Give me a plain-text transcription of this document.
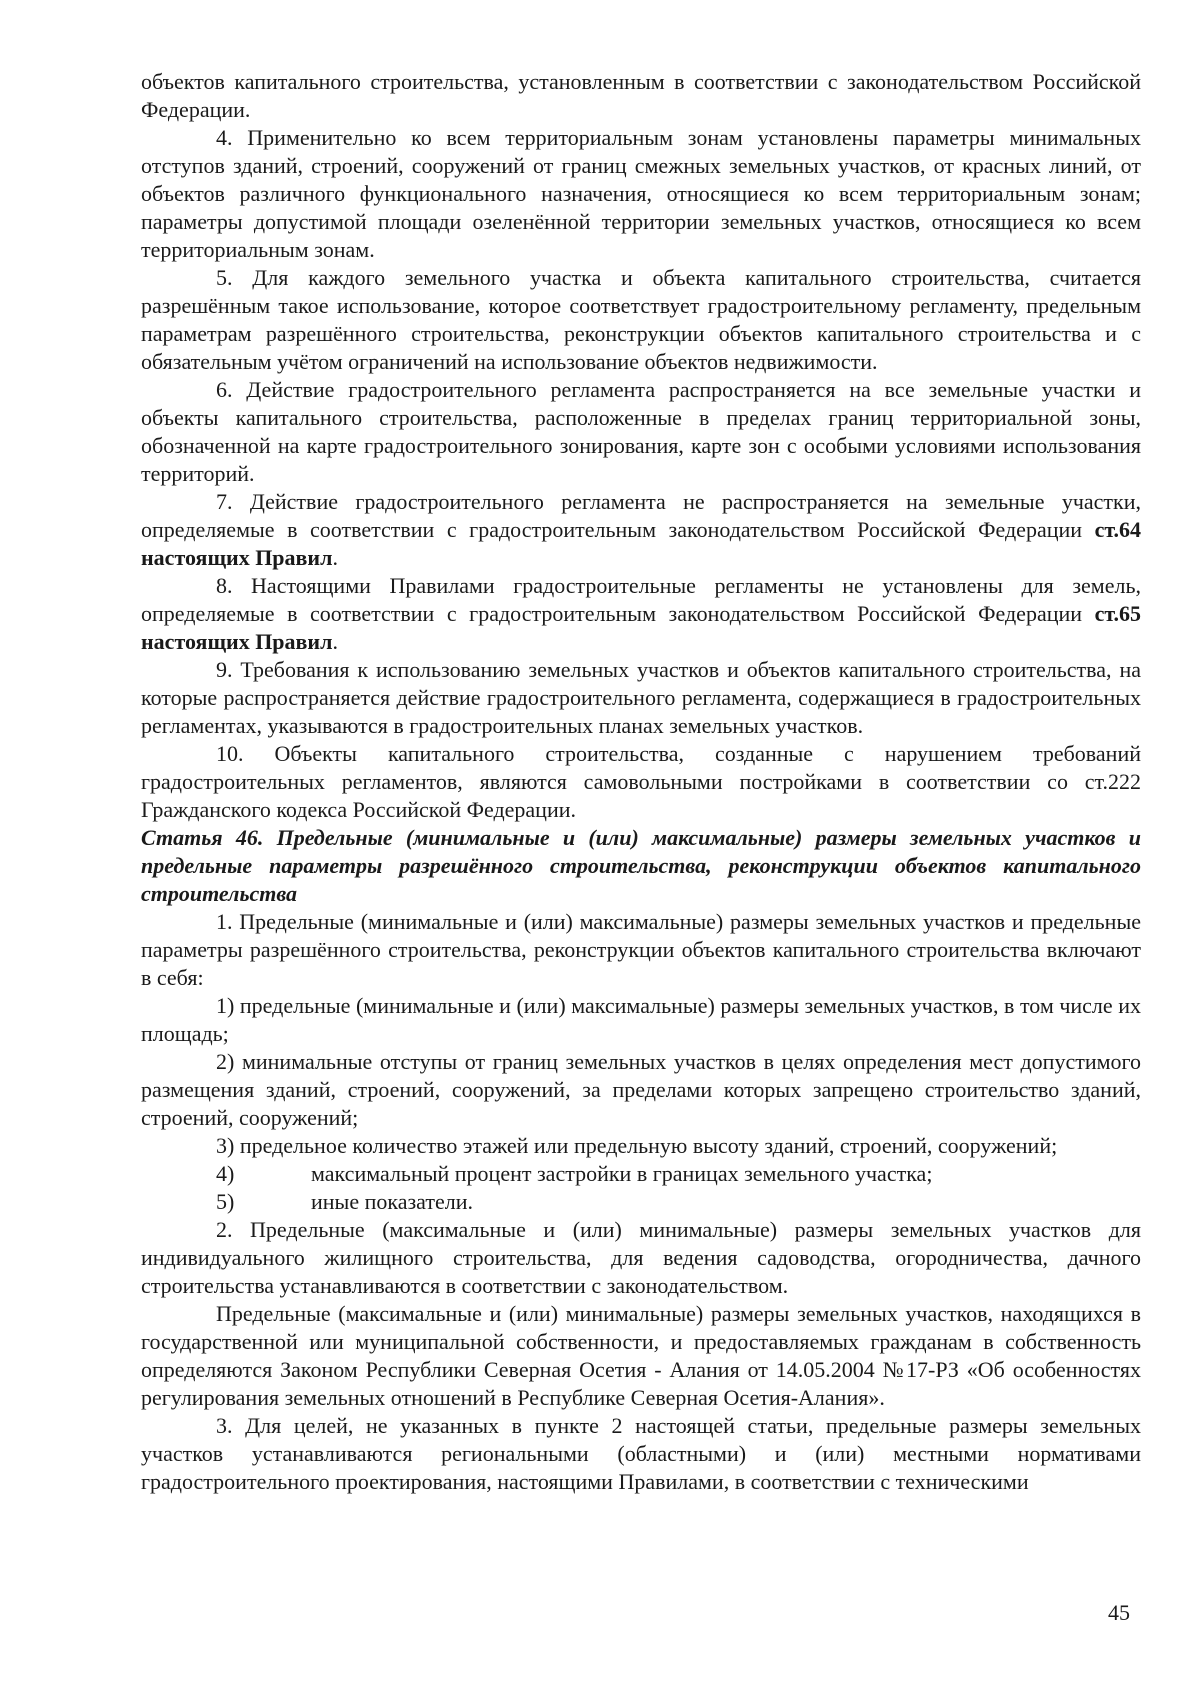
объектов капитального строительства, установленным в соответствии с законодательством Российской Федерации.

4. Применительно ко всем территориальным зонам установлены параметры минимальных отступов зданий, строений, сооружений от границ смежных земельных участков, от красных линий, от объектов различного функционального назначения, относящиеся ко всем территориальным зонам; параметры допустимой площади озеленённой территории земельных участков, относящиеся ко всем территориальным зонам.

5. Для каждого земельного участка и объекта капитального строительства, считается разрешённым такое использование, которое соответствует градостроительному регламенту, предельным параметрам разрешённого строительства, реконструкции объектов капитального строительства и с обязательным учётом ограничений на использование объектов недвижимости.

6. Действие градостроительного регламента распространяется на все земельные участки и объекты капитального строительства, расположенные в пределах границ территориальной зоны, обозначенной на карте градостроительного зонирования, карте зон с особыми условиями использования территорий.

7. Действие градостроительного регламента не распространяется на земельные участки, определяемые в соответствии с градостроительным законодательством Российской Федерации ст.64 настоящих Правил.

8. Настоящими Правилами градостроительные регламенты не установлены для земель, определяемые в соответствии с градостроительным законодательством Российской Федерации ст.65 настоящих Правил.

9. Требования к использованию земельных участков и объектов капитального строительства, на которые распространяется действие градостроительного регламента, содержащиеся в градостроительных регламентах, указываются в градостроительных планах земельных участков.

10. Объекты капитального строительства, созданные с нарушением требований градостроительных регламентов, являются самовольными постройками в соответствии со ст.222 Гражданского кодекса Российской Федерации.

Статья 46. Предельные (минимальные и (или) максимальные) размеры земельных участков и предельные параметры разрешённого строительства, реконструкции объектов капитального строительства

1. Предельные (минимальные и (или) максимальные) размеры земельных участков и предельные параметры разрешённого строительства, реконструкции объектов капитального строительства включают в себя:

1) предельные (минимальные и (или) максимальные) размеры земельных участков, в том числе их площадь;

2) минимальные отступы от границ земельных участков в целях определения мест допустимого размещения зданий, строений, сооружений, за пределами которых запрещено строительство зданий, строений, сооружений;

3) предельное количество этажей или предельную высоту зданий, строений, сооружений;

4)	максимальный процент застройки в границах земельного участка;
5)	иные показатели.

2. Предельные (максимальные и (или) минимальные) размеры земельных участков для индивидуального жилищного строительства, для ведения садоводства, огородничества, дачного строительства устанавливаются в соответствии с законодательством.

Предельные (максимальные и (или) минимальные) размеры земельных участков, находящихся в государственной или муниципальной собственности, и предоставляемых гражданам в собственность определяются Законом Республики Северная Осетия - Алания от 14.05.2004 №17-РЗ «Об особенностях регулирования земельных отношений в Республике Северная Осетия-Алания».

3. Для целей, не указанных в пункте 2 настоящей статьи, предельные размеры земельных участков устанавливаются региональными (областными) и (или) местными нормативами градостроительного проектирования, настоящими Правилами, в соответствии с техническими

45
